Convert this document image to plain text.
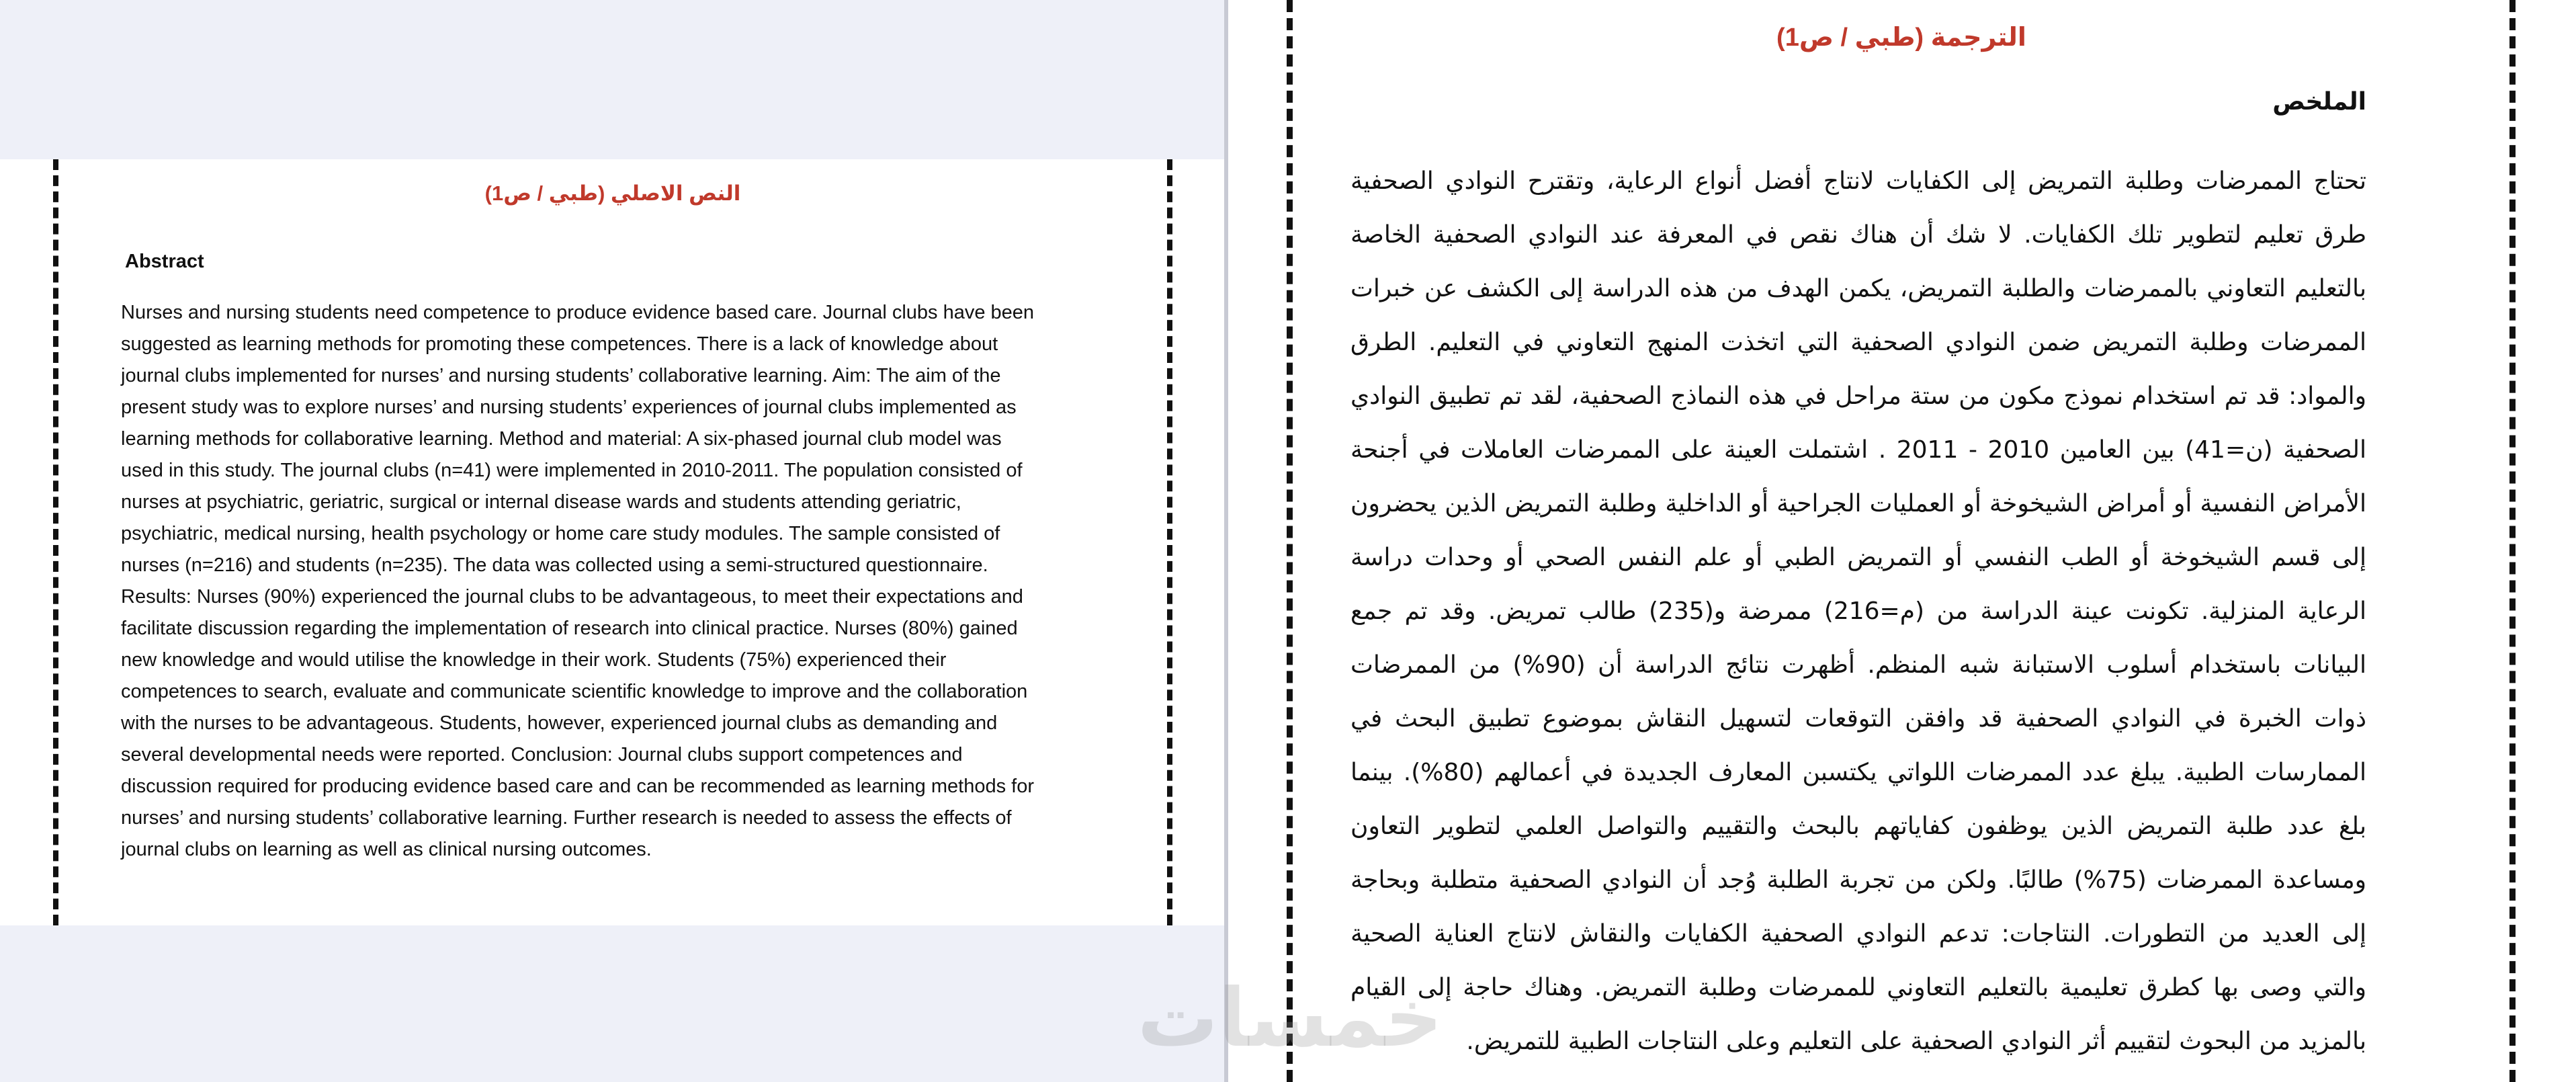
النص الاصلي (طبي / ص1)
Abstract
Nurses and nursing students need competence to produce evidence based care. Journal clubs have been suggested as learning methods for promoting these competences. There is a lack of knowledge about journal clubs implemented for nurses’ and nursing students’ collaborative learning. Aim: The aim of the present study was to explore nurses’ and nursing students’ experiences of journal clubs implemented as learning methods for collaborative learning. Method and material: A six-phased journal club model was used in this study. The journal clubs (n=41) were implemented in 2010-2011. The population consisted of nurses at psychiatric, geriatric, surgical or internal disease wards and students attending geriatric, psychiatric, medical nursing, health psychology or home care study modules. The sample consisted of nurses (n=216) and students (n=235). The data was collected using a semi-structured questionnaire. Results: Nurses (90%) experienced the journal clubs to be advantageous, to meet their expectations and facilitate discussion regarding the implementation of research into clinical practice. Nurses (80%) gained new knowledge and would utilise the knowledge in their work. Students (75%) experienced their competences to search, evaluate and communicate scientific knowledge to improve and the collaboration with the nurses to be advantageous. Students, however, experienced journal clubs as demanding and several developmental needs were reported. Conclusion: Journal clubs support competences and discussion required for producing evidence based care and can be recommended as learning methods for nurses’ and nursing students’ collaborative learning. Further research is needed to assess the effects of journal clubs on learning as well as clinical nursing outcomes.
الترجمة (طبي / ص1)
الملخص
تحتاج الممرضات وطلبة التمريض إلى الكفايات لانتاج أفضل أنواع الرعاية، وتقترح النوادي الصحفية طرق تعليم لتطوير تلك الكفايات. لا شك أن هناك نقص في المعرفة عند النوادي الصحفية الخاصة بالتعليم التعاوني بالممرضات والطلبة التمريض، يكمن الهدف من هذه الدراسة إلى الكشف عن خبرات الممرضات وطلبة التمريض ضمن النوادي الصحفية التي اتخذت المنهج التعاوني في التعليم. الطرق والمواد: قد تم استخدام نموذج مكون من ستة مراحل في هذه النماذج الصحفية، لقد تم تطبيق النوادي الصحفية (ن=41) بين العامين 2010 - 2011 . اشتملت العينة على الممرضات العاملات في أجنحة الأمراض النفسية أو أمراض الشيخوخة أو العمليات الجراحية أو الداخلية وطلبة التمريض الذين يحضرون إلى قسم الشيخوخة أو الطب النفسي أو التمريض الطبي أو علم النفس الصحي أو وحدات دراسة الرعاية المنزلية. تكونت عينة الدراسة من (م=216) ممرضة و(235) طالب تمريض. وقد تم جمع البيانات باستخدام أسلوب الاستبانة شبه المنظم. أظهرت نتائج الدراسة أن (90%) من الممرضات ذوات الخبرة في النوادي الصحفية قد وافقن التوقعات لتسهيل النقاش بموضوع تطبيق البحث في الممارسات الطبية. يبلغ عدد الممرضات اللواتي يكتسبن المعارف الجديدة في أعمالهم (80%). بينما بلغ عدد طلبة التمريض الذين يوظفون كفاياتهم بالبحث والتقييم والتواصل العلمي لتطوير التعاون ومساعدة الممرضات (75%) طالبًا. ولكن من تجربة الطلبة وُجد أن النوادي الصحفية متطلبة وبحاجة إلى العديد من التطورات. النتاجات: تدعم النوادي الصحفية الكفايات والنقاش لانتاج العناية الصحية والتي وصى بها كطرق تعليمية بالتعليم التعاوني للممرضات وطلبة التمريض. وهناك حاجة إلى القيام بالمزيد من البحوث لتقييم أثر النوادي الصحفية على التعليم وعلى النتاجات الطبية للتمريض.
خمسات
